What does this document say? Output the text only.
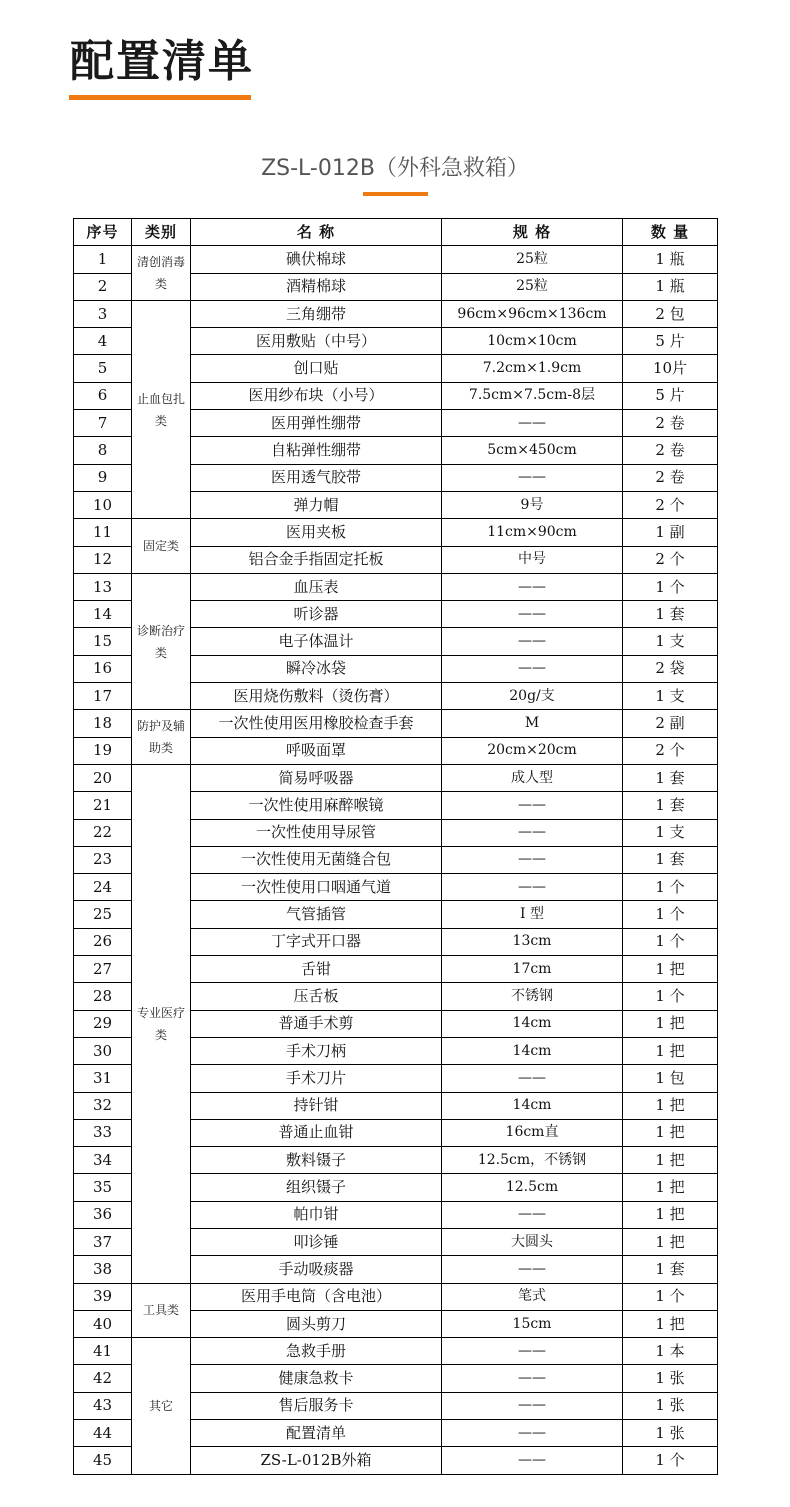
配置清单
ZS-L-012B（外科急救箱）
序号	类别	名 称	规 格	数 量
1	清创消毒类	碘伏棉球	25粒	1 瓶
2		酒精棉球	25粒	1 瓶
3	止血包扎类	三角绷带	96cm×96cm×136cm	2 包
4		医用敷贴（中号）	10cm×10cm	5 片
5		创口贴	7.2cm×1.9cm	10片
6		医用纱布块（小号）	7.5cm×7.5cm-8层	5 片
7		医用弹性绷带	——	2 卷
8		自粘弹性绷带	5cm×450cm	2 卷
9		医用透气胶带	——	2 卷
10		弹力帽	9号	2 个
11	固定类	医用夹板	11cm×90cm	1 副
12		铝合金手指固定托板	中号	2 个
13	诊断治疗类	血压表	——	1 个
14		听诊器	——	1 套
15		电子体温计	——	1 支
16		瞬冷冰袋	——	2 袋
17		医用烧伤敷料（烫伤膏）	20g/支	1 支
18	防护及辅助类	一次性使用医用橡胶检查手套	M	2 副
19		呼吸面罩	20cm×20cm	2 个
20	专业医疗类	简易呼吸器	成人型	1 套
21		一次性使用麻醉喉镜	——	1 套
22		一次性使用导尿管	——	1 支
23		一次性使用无菌缝合包	——	1 套
24		一次性使用口咽通气道	——	1 个
25		气管插管	I 型	1 个
26		丁字式开口器	13cm	1 个
27		舌钳	17cm	1 把
28		压舌板	不锈钢	1 个
29		普通手术剪	14cm	1 把
30		手术刀柄	14cm	1 把
31		手术刀片	——	1 包
32		持针钳	14cm	1 把
33		普通止血钳	16cm直	1 把
34		敷料镊子	12.5cm，不锈钢	1 把
35		组织镊子	12.5cm	1 把
36		帕巾钳	——	1 把
37		叩诊锤	大圆头	1 把
38		手动吸痰器	——	1 套
39	工具类	医用手电筒（含电池）	笔式	1 个
40		圆头剪刀	15cm	1 把
41	其它	急救手册	——	1 本
42		健康急救卡	——	1 张
43		售后服务卡	——	1 张
44		配置清单	——	1 张
45		ZS-L-012B外箱	——	1 个
